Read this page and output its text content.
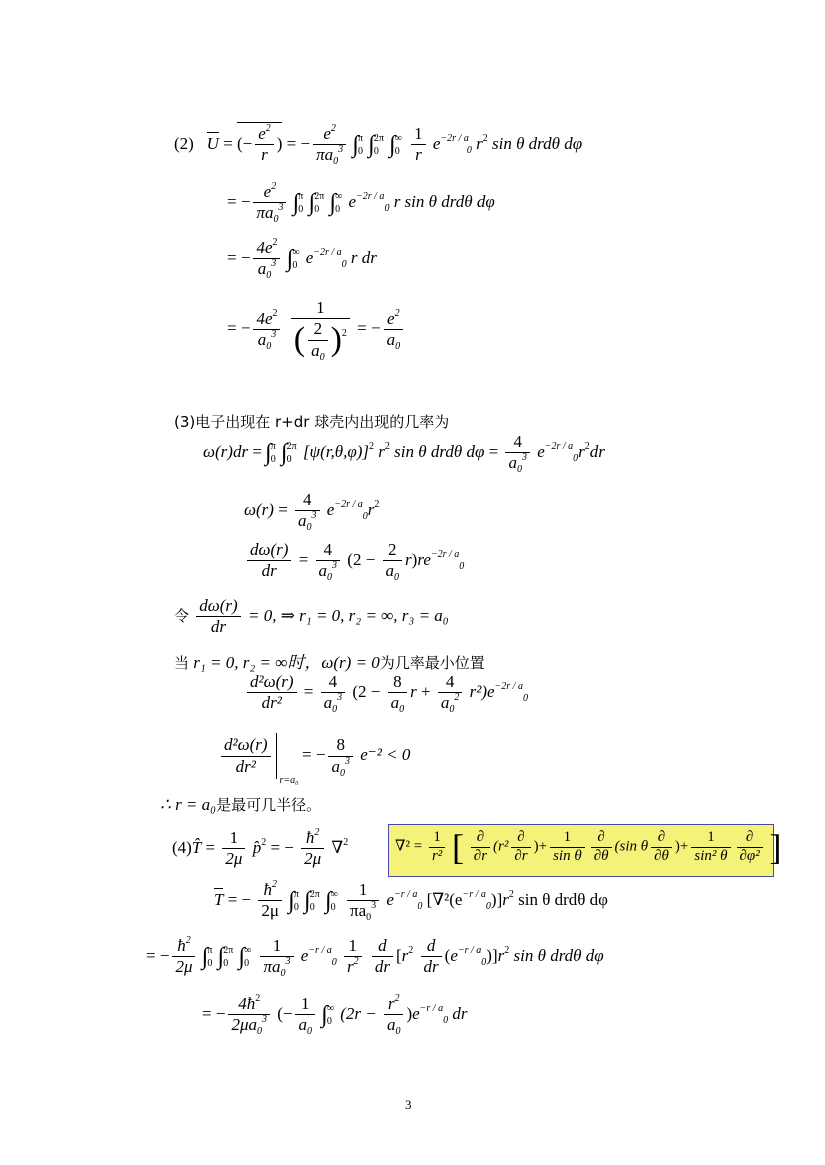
(2) U = (− $\frac{e^2}{r}$ ) = − $\frac{e^2}{\pi a_0^3}$ ∫ π
0 ∫ 2π
0 ∫ ∞
0
$\frac{1}{r} e^{-2r / a}_0$ $r^2$ sin θ drdθ dφ
= − $\frac{e^2}{\pi a_0^3}$ ∫ π
0 ∫ 2π
0 ∫ ∞
0 $e^{-2r / a}_0$ r sin θ drdθ dφ
= − $\frac{4e^2}{a_0^3}$ ∫ ∞
0 $e^{-2r / a}_0$ r dr
= − $\frac{4e^2}{a_0^3}$
$\frac{1}{( \frac{2}{a_0} )^2}$ = − $\frac{e^2}{a_0}$
(3)电子出现在 r+dr 球壳内出现的几率为
ω(r)dr = ∫ π
0 ∫ 2π
0 $[\psi(r,\theta,\varphi)]^2$ $r^2$ sin θ drdθ $d\varphi = \frac{4}{a_0^3} e^{-2r / a}_0r^2dr$
$\omega(r) = \frac{4}{a_0^3} e^{-2r / a}_0r^2$
$\frac{d\omega(r)}{dr} = \frac{4}{a_0^3} (2 - \frac{2}{a_0} r)re^{-2r / a}_0$
令 $\frac{d\omega(r)}{dr} = 0$, ⇒ r₁ = 0, r₂ = ∞, r₃ = a₀
当 r₁ = 0, r₂ = ∞时，ω(r) = 0为几率最小位置
$\frac{\text{d²ω(r)}}{\text{dr²}} = \frac{4}{a_0^3} (2 - \frac{8}{a_0}$ $r + \frac{4}{a_0^2} r^2)e^{-2r / a}_0$
$\frac{\text{d²ω(r)}}{\text{dr²}}$
r=a₀
= − $\frac{8}{a_0^3} e^{-2} < 0$
∴ r = a₀是最可几半径。
(4)T̂ = $\frac{1}{2\mu}$ p̂$^2$ = − $\frac{ħ^2}{2\mu} \nabla^2$	$\nabla^2 = \frac{1}{\text{r²}}$ [ $\frac{\partial}{\partial r} (r^2 \frac{\partial}{\partial r}$ )+ $\frac{1}{\text{sin θ}} \frac{\partial}{\partial\theta} (\sin$ θ $\frac{\partial}{\partial\theta}$ )+ $\frac{1}{\text{sin² θ}} \frac{\partial}{\text{∂φ²}}$ ]
T = − $\frac{ħ^2}{2\mu}$ ∫ π
0 ∫ 2π
0 ∫ ∞
0
$\frac{1}{\pi a_0^3} e^{-r / a}_0$ $[\nabla^2(e^{-r / a}_0)]r^2$ sin θ drdθ dφ
= − $\frac{ħ^2}{2\mu}$ ∫ π
0 ∫ 2π
0 ∫ ∞
0
$\frac{1}{\pi a_0^3} e^{-r / a}_0 \frac{1}{r^2}$
$\frac{d}{dr} [r^2 \frac{d}{dr} (e^{-r / a}_0)]r^2$ sin θ drdθ dφ
= − $\frac{4ħ^2}{2\mu a_0^3}$ (− $\frac{1}{a_0}$ ∫ ∞
0 $(2r - \frac{r^2}{a_0} )e^{-r / a}_0$ dr
3
